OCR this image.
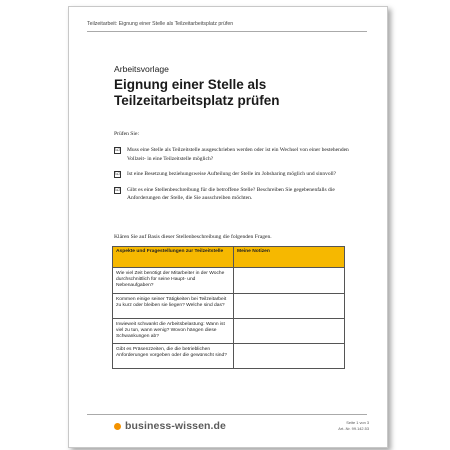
Teilzeitarbeit: Eignung einer Stelle als Teilzeitarbeitsplatz prüfen
Arbeitsvorlage
Eignung einer Stelle als Teilzeitarbeitsplatz prüfen
Prüfen Sie:
☑ Muss eine Stelle als Teilzeitstelle ausgeschrieben werden oder ist ein Wechsel von einer bestehenden Vollzeit- in eine Teilzeitstelle möglich?
☑ Ist eine Besetzung beziehungsweise Aufteilung der Stelle im Jobsharing möglich und sinnvoll?
☑ Gibt es eine Stellenbeschreibung für die betroffene Stelle? Beschreiben Sie gegebenenfalls die Anforderungen der Stelle, die Sie ausschreiben möchten.
Klären Sie auf Basis dieser Stellenbeschreibung die folgenden Fragen.
Aspekte und Fragestellungen zur Teilzeitstelle	Meine Notizen
Wie viel Zeit benötigt der Mitarbeiter in der Woche durchschnittlich für seine Haupt- und Nebenaufgaben?	
Kommen einige seiner Tätigkeiten bei Teilzeitarbeit zu kurz oder bleiben sie liegen? Welche sind das?	
Inwieweit schwankt die Arbeitsbelastung: Wann ist viel zu tun, wann wenig? Wovon hängen diese Schwankungen ab?	
Gibt es Präsenzzeiten, die die betrieblichen Anforderungen vorgeben oder die gewünscht sind?	
business-wissen.de	Seite 1 von 3
Art.-Nr. 99.142.53
